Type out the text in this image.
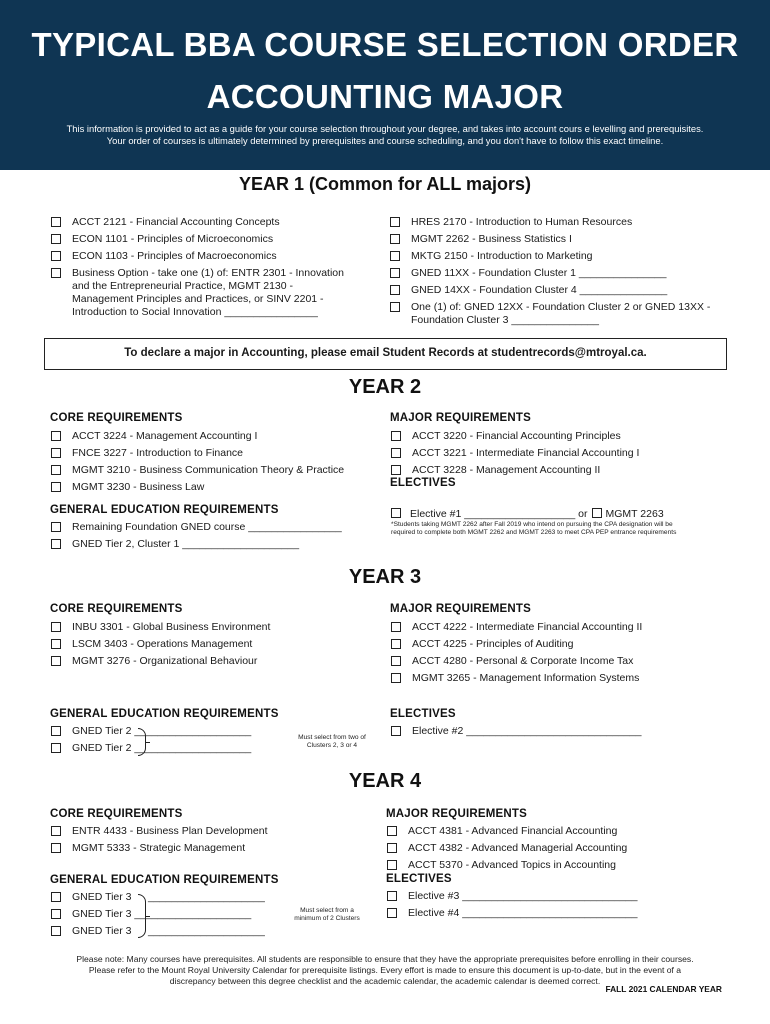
TYPICAL BBA COURSE SELECTION ORDER
ACCOUNTING MAJOR
This information is provided to act as a guide for your course selection throughout your degree, and takes into account cours e levelling and prerequisites.
Your order of courses is ultimately determined by prerequisites and course scheduling, and you don't have to follow this exact timeline.
YEAR 1 (Common for ALL majors)
ACCT 2121 - Financial Accounting Concepts
ECON 1101 - Principles of Microeconomics
ECON 1103 - Principles of Macroeconomics
Business Option - take one (1) of: ENTR 2301 - Innovation and the Entrepreneurial Practice, MGMT 2130 - Management Principles and Practices, or SINV 2201 - Introduction to Social Innovation ________________
HRES 2170 - Introduction to Human Resources
MGMT 2262 - Business Statistics I
MKTG 2150 - Introduction to Marketing
GNED 11XX - Foundation Cluster 1 _______________
GNED 14XX - Foundation Cluster 4 _______________
One (1) of: GNED 12XX - Foundation Cluster 2 or GNED 13XX - Foundation Cluster 3 _______________
To declare a major in Accounting, please email Student Records at studentrecords@mtroyal.ca.
YEAR 2
CORE REQUIREMENTS
ACCT 3224 - Management Accounting I
FNCE 3227 - Introduction to Finance
MGMT 3210 - Business Communication Theory & Practice
MGMT 3230 - Business Law
MAJOR REQUIREMENTS
ACCT 3220 - Financial Accounting Principles
ACCT 3221 - Intermediate Financial Accounting I
ACCT 3228 - Management Accounting II
ELECTIVES
Elective #1 ___________________ or MGMT 2263
*Students taking MGMT 2262 after Fall 2019 who intend on pursuing the CPA designation will be
required to complete both MGMT 2262 and MGMT 2263 to meet CPA PEP entrance requirements
GENERAL EDUCATION REQUIREMENTS
Remaining Foundation GNED course ________________
GNED Tier 2, Cluster 1 ____________________
YEAR 3
CORE REQUIREMENTS
INBU 3301 - Global Business Environment
LSCM 3403 - Operations Management
MGMT 3276 - Organizational Behaviour
MAJOR REQUIREMENTS
ACCT 4222 - Intermediate Financial Accounting II
ACCT 4225 - Principles of Auditing
ACCT 4280 - Personal & Corporate Income Tax
MGMT 3265 - Management Information Systems
GENERAL EDUCATION REQUIREMENTS
GNED Tier 2 ____________________
GNED Tier 2 ____________________
Must select from two of
Clusters 2, 3 or 4
ELECTIVES
Elective #2 ______________________________
YEAR 4
CORE REQUIREMENTS
ENTR 4433 - Business Plan Development
MGMT 5333 - Strategic Management
MAJOR REQUIREMENTS
ACCT 4381 - Advanced Financial Accounting
ACCT 4382 - Advanced Managerial Accounting
ACCT 5370 - Advanced Topics in Accounting
ELECTIVES
Elective #3 ______________________________
Elective #4 ______________________________
GENERAL EDUCATION REQUIREMENTS
GNED Tier 3
GNED Tier 3 ____________________
GNED Tier 3
____________________
____________________
Must select from a
minimum of 2 Clusters
Please note: Many courses have prerequisites. All students are responsible to ensure that they have the appropriate prerequisites before enrolling in their courses.
Please refer to the Mount Royal University Calendar for prerequisite listings. Every effort is made to ensure this document is up-to-date, but in the event of a
discrepancy between this degree checklist and the academic calendar, the academic calendar is deemed correct.
FALL 2021 CALENDAR YEAR
